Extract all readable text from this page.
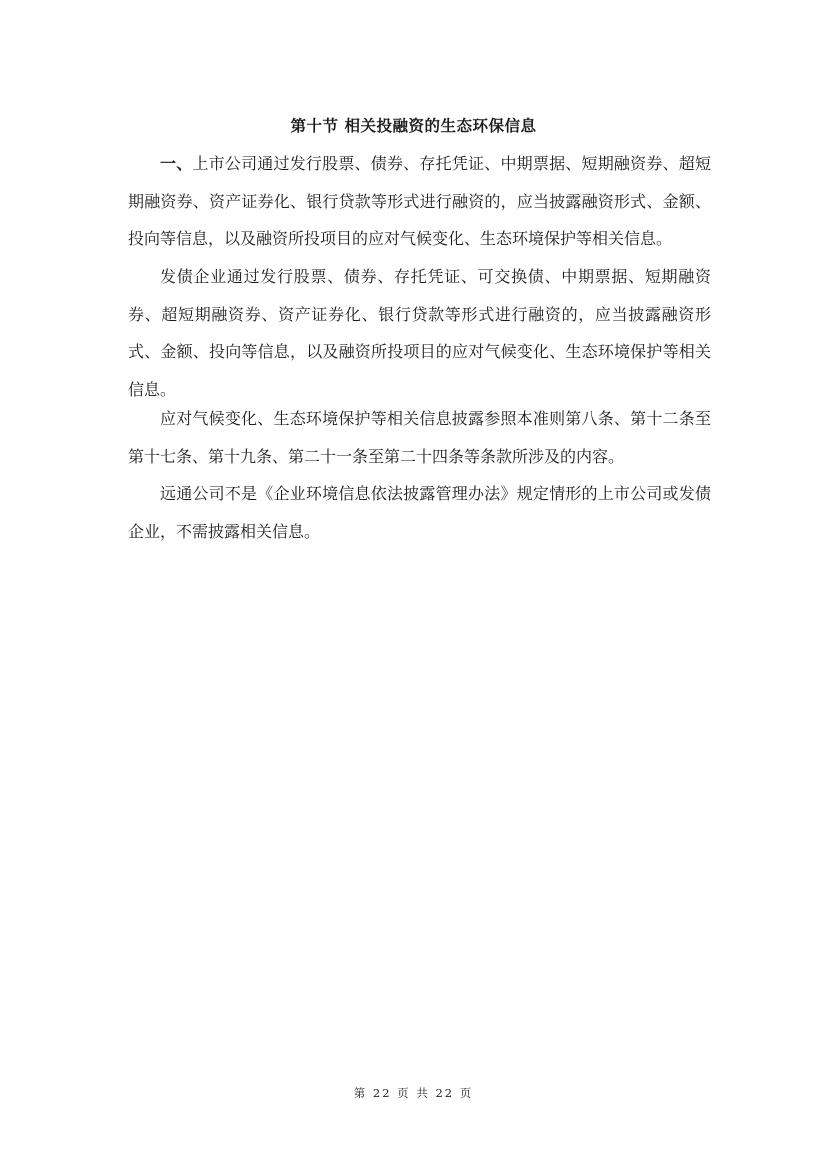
第十节 相关投融资的生态环保信息

一、上市公司通过发行股票、债券、存托凭证、中期票据、短期融资券、超短期融资券、资产证券化、银行贷款等形式进行融资的，应当披露融资形式、金额、投向等信息，以及融资所投项目的应对气候变化、生态环境保护等相关信息。

发债企业通过发行股票、债券、存托凭证、可交换债、中期票据、短期融资券、超短期融资券、资产证券化、银行贷款等形式进行融资的，应当披露融资形式、金额、投向等信息，以及融资所投项目的应对气候变化、生态环境保护等相关信息。

应对气候变化、生态环境保护等相关信息披露参照本准则第八条、第十二条至第十七条、第十九条、第二十一条至第二十四条等条款所涉及的内容。

远通公司不是《企业环境信息依法披露管理办法》规定情形的上市公司或发债企业，不需披露相关信息。

第 22 页 共 22 页
